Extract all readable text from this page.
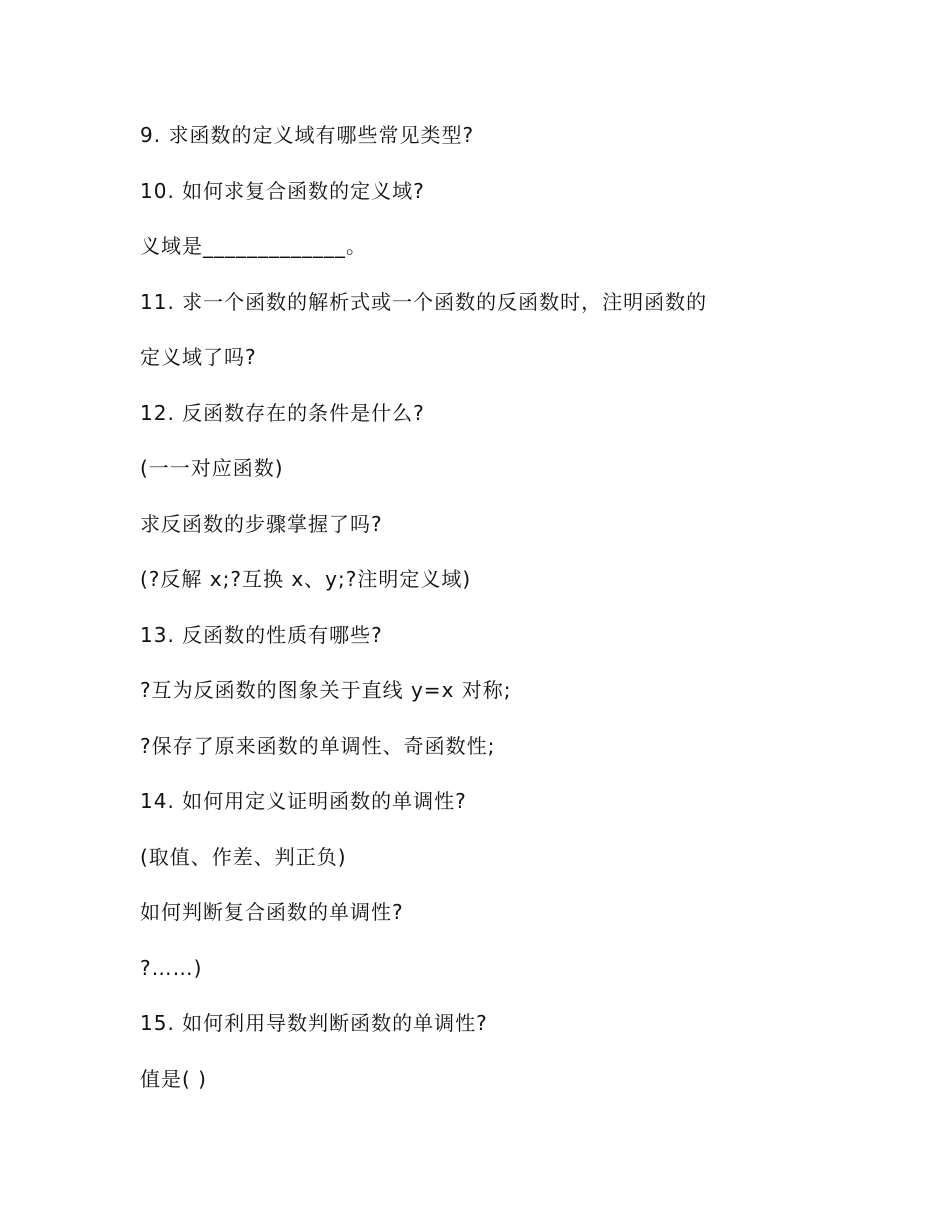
9. 求函数的定义域有哪些常见类型?
10. 如何求复合函数的定义域?
义域是_____________。
11. 求一个函数的解析式或一个函数的反函数时，注明函数的
定义域了吗?
12. 反函数存在的条件是什么?
(一一对应函数)
求反函数的步骤掌握了吗?
(?反解 x;?互换 x、y;?注明定义域)
13. 反函数的性质有哪些?
?互为反函数的图象关于直线 y=x 对称;
?保存了原来函数的单调性、奇函数性;
14. 如何用定义证明函数的单调性?
(取值、作差、判正负)
如何判断复合函数的单调性?
?……)
15. 如何利用导数判断函数的单调性?
值是( )
